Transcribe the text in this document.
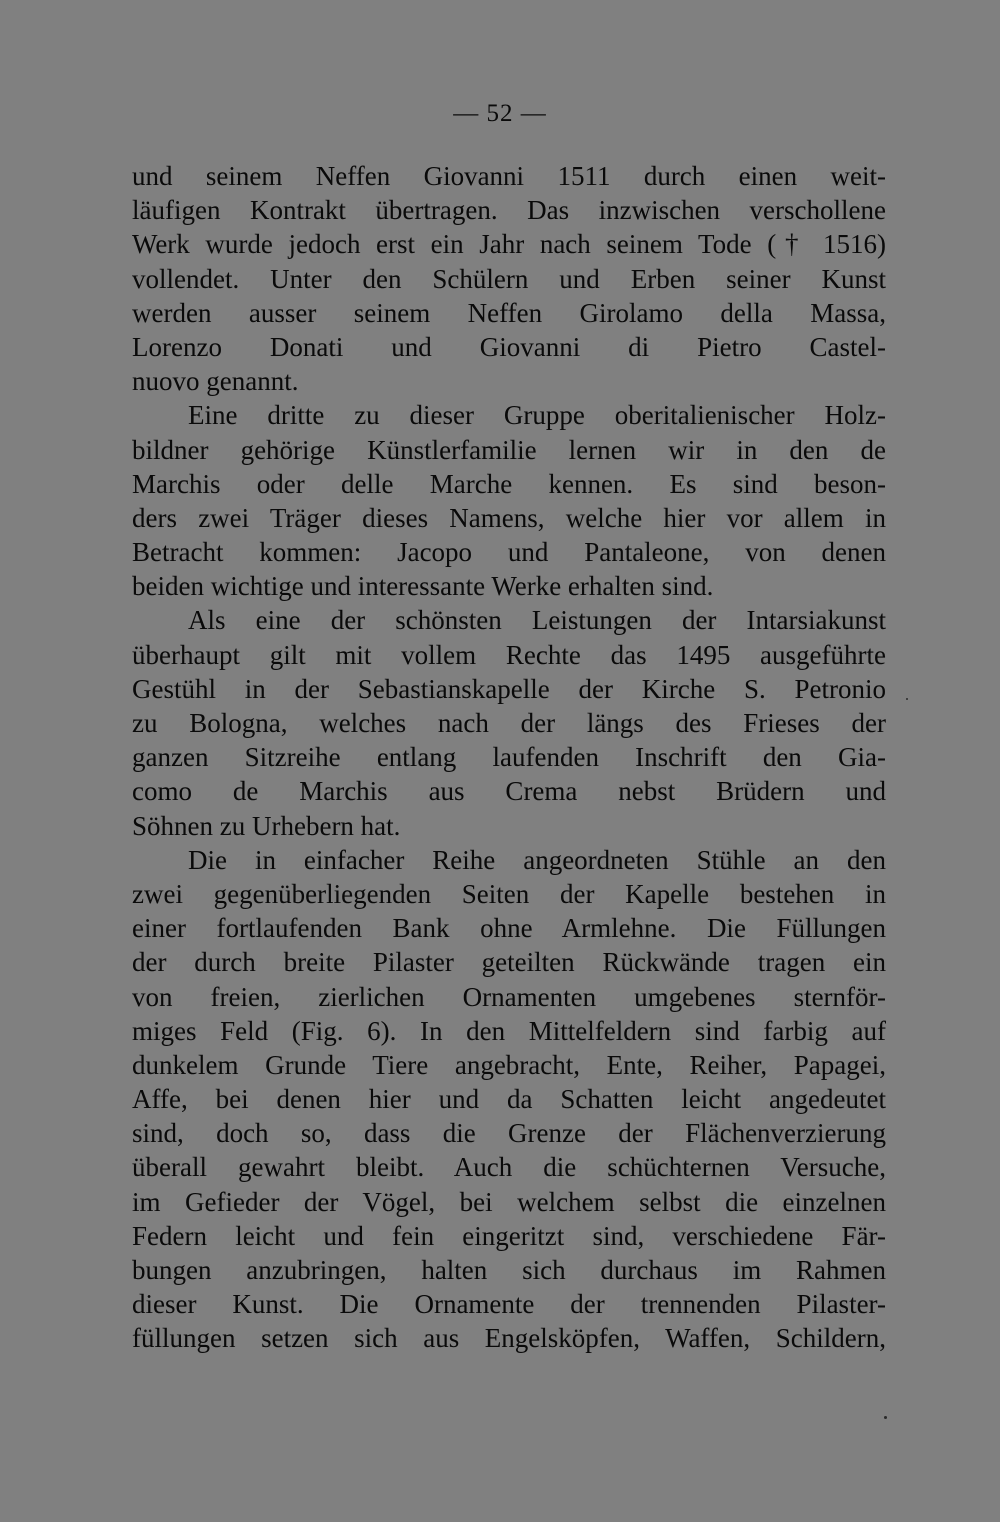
— 52 —
und seinem Neffen Giovanni 1511 durch einen weit-
läufigen Kontrakt übertragen. Das inzwischen verschollene
Werk wurde jedoch erst ein Jahr nach seinem Tode († 1516)
vollendet. Unter den Schülern und Erben seiner Kunst
werden ausser seinem Neffen Girolamo della Massa,
Lorenzo Donati und Giovanni di Pietro Castel-
nuovo genannt.
Eine dritte zu dieser Gruppe oberitalienischer Holz-
bildner gehörige Künstlerfamilie lernen wir in den de
Marchis oder delle Marche kennen. Es sind beson-
ders zwei Träger dieses Namens, welche hier vor allem in
Betracht kommen: Jacopo und Pantaleone, von denen
beiden wichtige und interessante Werke erhalten sind.
Als eine der schönsten Leistungen der Intarsiakunst
überhaupt gilt mit vollem Rechte das 1495 ausgeführte
Gestühl in der Sebastianskapelle der Kirche S. Petronio
zu Bologna, welches nach der längs des Frieses der
ganzen Sitzreihe entlang laufenden Inschrift den Gia-
como de Marchis aus Crema nebst Brüdern und
Söhnen zu Urhebern hat.
Die in einfacher Reihe angeordneten Stühle an den
zwei gegenüberliegenden Seiten der Kapelle bestehen in
einer fortlaufenden Bank ohne Armlehne. Die Füllungen
der durch breite Pilaster geteilten Rückwände tragen ein
von freien, zierlichen Ornamenten umgebenes sternför-
miges Feld (Fig. 6). In den Mittelfeldern sind farbig auf
dunkelem Grunde Tiere angebracht, Ente, Reiher, Papagei,
Affe, bei denen hier und da Schatten leicht angedeutet
sind, doch so, dass die Grenze der Flächenverzierung
überall gewahrt bleibt. Auch die schüchternen Versuche,
im Gefieder der Vögel, bei welchem selbst die einzelnen
Federn leicht und fein eingeritzt sind, verschiedene Fär-
bungen anzubringen, halten sich durchaus im Rahmen
dieser Kunst. Die Ornamente der trennenden Pilaster-
füllungen setzen sich aus Engelsköpfen, Waffen, Schildern,
